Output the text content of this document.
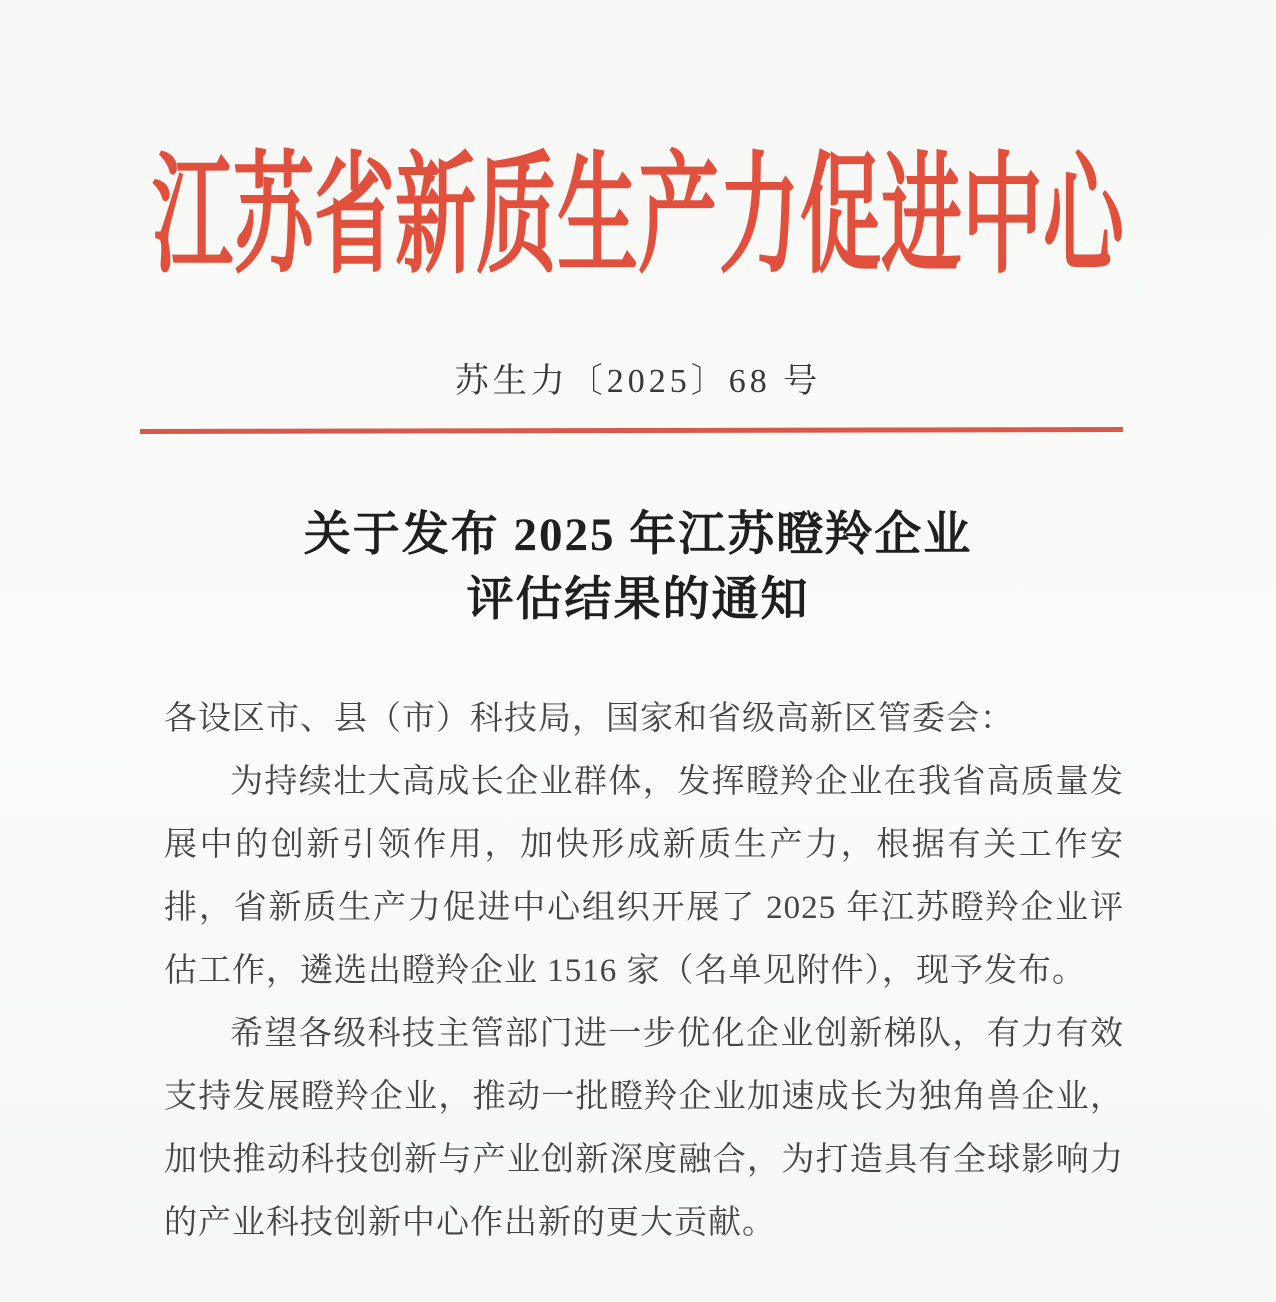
江苏省新质生产力促进中心
苏生力〔2025〕68 号
关于发布 2025 年江苏瞪羚企业
评估结果的通知

各设区市、县（市）科技局，国家和省级高新区管委会：

为持续壮大高成长企业群体，发挥瞪羚企业在我省高质量发展中的创新引领作用，加快形成新质生产力，根据有关工作安排，省新质生产力促进中心组织开展了 2025 年江苏瞪羚企业评估工作，遴选出瞪羚企业 1516 家（名单见附件），现予发布。

希望各级科技主管部门进一步优化企业创新梯队，有力有效支持发展瞪羚企业，推动一批瞪羚企业加速成长为独角兽企业，加快推动科技创新与产业创新深度融合，为打造具有全球影响力的产业科技创新中心作出新的更大贡献。
